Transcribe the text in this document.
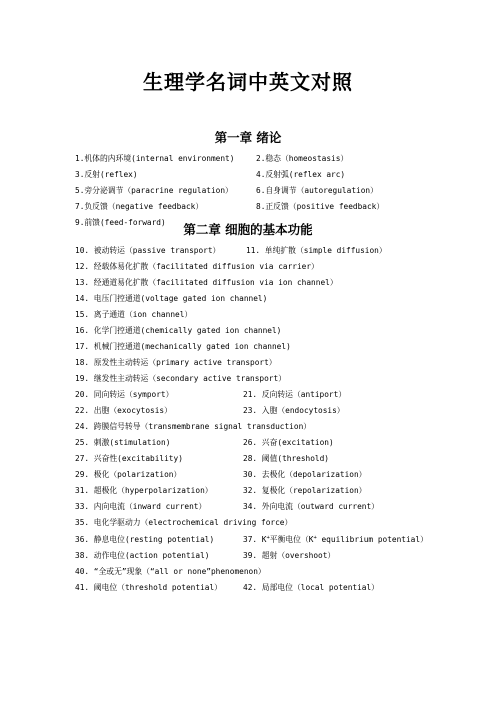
生理学名词中英文对照
第一章 绪论

1.机体的内环境(internal environment)	2.稳态（homeostasis）

3.反射(reflex)	4.反射弧(reflex arc)

5.旁分泌调节（paracrine regulation）	6.自身调节（autoregulation）

7.负反馈（negative feedback）	8.正反馈（positive feedback）

9.前馈(feed-forward)	第二章 细胞的基本功能

10. 被动转运（passive transport）	11. 单纯扩散（simple diffusion）

12. 经载体易化扩散（facilitated diffusion via carrier）

13. 经通道易化扩散（facilitated diffusion via ion channel）

14. 电压门控通道(voltage gated ion channel)

15. 离子通道（ion channel）

16. 化学门控通道(chemically gated ion channel)

17. 机械门控通道(mechanically gated ion channel)

18. 原发性主动转运（primary active transport）

19. 继发性主动转运（secondary active transport）

20. 同向转运（symport）	21. 反向转运（antiport）

22. 出胞（exocytosis）	23. 入胞（endocytosis）

24. 跨膜信号转导（transmembrane signal transduction）

25. 刺激(stimulation)	26. 兴奋(excitation)

27. 兴奋性(excitability)	28. 阈值(threshold)

29. 极化（polarization）	30. 去极化（depolarization）

31. 超极化（hyperpolarization）	32. 复极化（repolarization）

33. 内向电流（inward current）	34. 外向电流（outward current）

35. 电化学驱动力（electrochemical driving force）

36. 静息电位(resting potential)	37. K+平衡电位（K+ equilibrium potential）

38. 动作电位(action potential)	39. 超射（overshoot）

40. “全或无”现象（“all or none”phenomenon）

41. 阈电位（threshold potential）	42. 局部电位（local potential）
